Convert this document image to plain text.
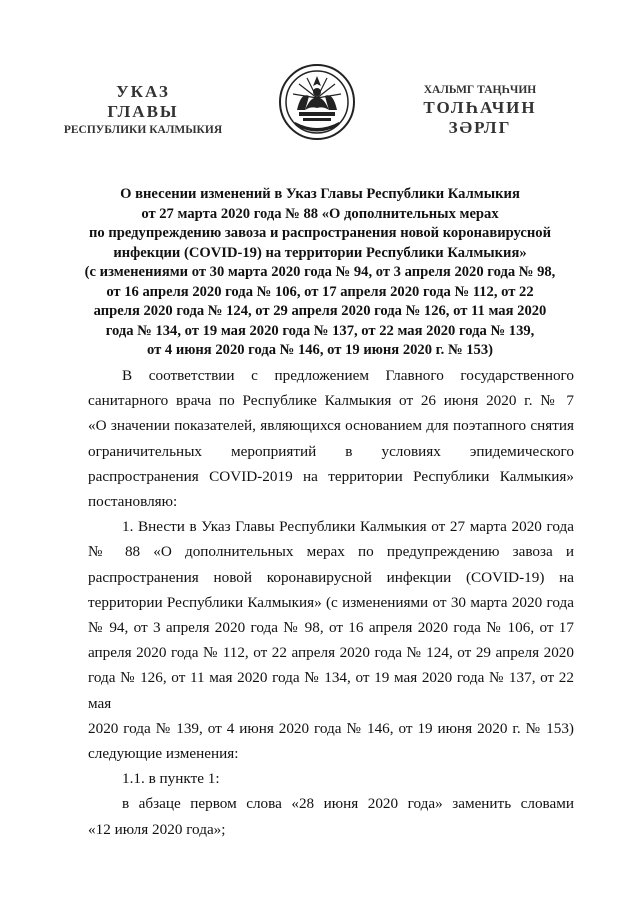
УКАЗ
ГЛАВЫ
РЕСПУБЛИКИ КАЛМЫКИЯ
ХАЛЬМГ ТАҢҺЧИН
ТОЛҺАЧИН
ЗӘРЛГ
О внесении изменений в Указ Главы Республики Калмыкия
от 27 марта 2020 года № 88 «О дополнительных мерах
по предупреждению завоза и распространения новой коронавирусной
инфекции (COVID-19) на территории Республики Калмыкия»
(с изменениями от 30 марта 2020 года № 94, от 3 апреля 2020 года № 98,
от 16 апреля 2020 года № 106, от 17 апреля 2020 года № 112, от 22
апреля 2020 года № 124, от 29 апреля 2020 года № 126, от 11 мая 2020
года № 134, от 19 мая 2020 года № 137, от 22 мая 2020 года № 139,
от 4 июня 2020 года № 146, от 19 июня 2020 г. № 153)
В соответствии с предложением Главного государственного
санитарного врача по Республике Калмыкия от 26 июня 2020 г. № 7
«О значении показателей, являющихся основанием для поэтапного снятия
ограничительных мероприятий в условиях эпидемического
распространения COVID-2019 на территории Республики Калмыкия»
постановляю:
1. Внести в Указ Главы Республики Калмыкия от 27 марта 2020 года
№ 88 «О дополнительных мерах по предупреждению завоза и
распространения новой коронавирусной инфекции (COVID-19) на
территории Республики Калмыкия» (с изменениями от 30 марта 2020 года
№ 94, от 3 апреля 2020 года № 98, от 16 апреля 2020 года № 106, от 17
апреля 2020 года № 112, от 22 апреля 2020 года № 124, от 29 апреля 2020
года № 126, от 11 мая 2020 года № 134, от 19 мая 2020 года № 137, от 22 мая
2020 года № 139, от 4 июня 2020 года № 146, от 19 июня 2020 г. № 153)
следующие изменения:
1.1. в пункте 1:
в абзаце первом слова «28 июня 2020 года» заменить словами
«12 июля 2020 года»;
